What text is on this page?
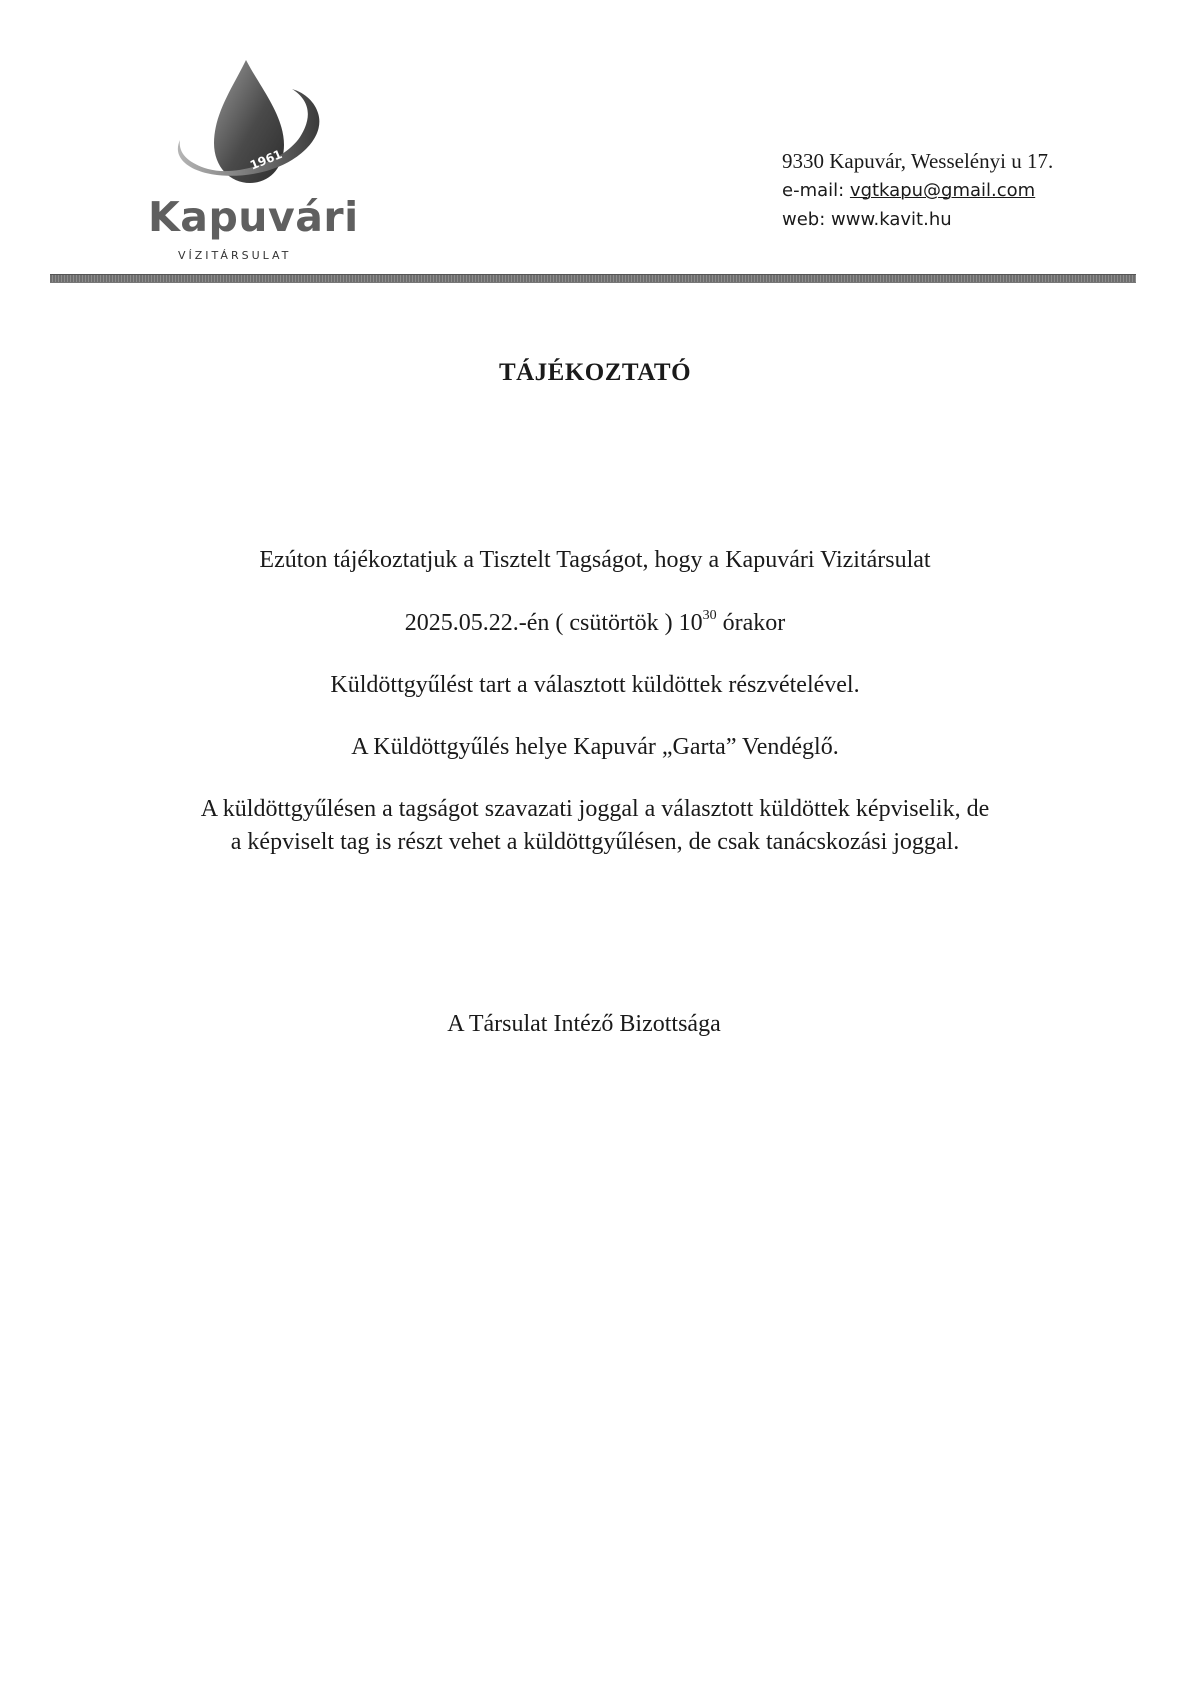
1961
Kapuvári
VÍZITÁRSULAT
9330 Kapuvár, Wesselényi u 17.
e-mail: vgtkapu@gmail.com
web: www.kavit.hu
TÁJÉKOZTATÓ
Ezúton tájékoztatjuk a Tisztelt Tagságot, hogy a Kapuvári Vizitársulat
2025.05.22.-én ( csütörtök ) $10^{30}$ órakor
Küldöttgyűlést tart a választott küldöttek részvételével.
A Küldöttgyűlés helye Kapuvár „Garta” Vendéglő.
A küldöttgyűlésen a tagságot szavazati joggal a választott küldöttek képviselik, de
a képviselt tag is részt vehet a küldöttgyűlésen, de csak tanácskozási joggal.
A Társulat Intéző Bizottsága
